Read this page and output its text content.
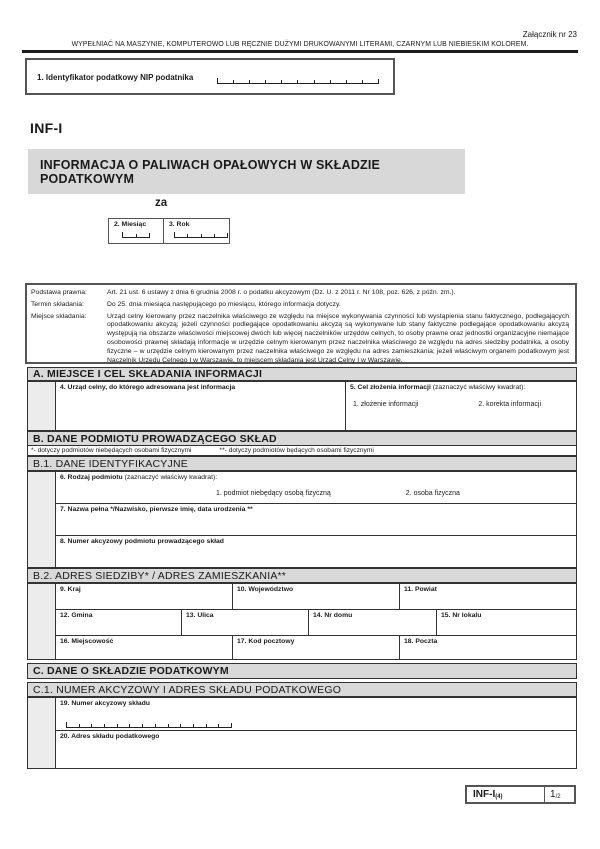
Załącznik nr 23
WYPEŁNIAĆ NA MASZYNIE, KOMPUTEROWO LUB RĘCZNIE DUŻYMI DRUKOWANYMI LITERAMI, CZARNYM LUB NIEBIESKIM KOLOREM.
1. Identyfikator podatkowy NIP podatnika
INF-I
INFORMACJA O PALIWACH OPAŁOWYCH W SKŁADZIE PODATKOWYM
za
2. Miesiąc	3. Rok
Podstawa prawna:	Art. 21 ust. 6 ustawy z dnia 6 grudnia 2008 r. o podatku akcyzowym (Dz. U. z 2011 r. Nr 108, poz. 626, z późn. zm.).
Termin składania:	Do 25. dnia miesiąca następującego po miesiącu, którego informacja dotyczy.
Miejsce składania:	Urząd celny kierowany przez naczelnika właściwego ze względu na miejsce wykonywania czynności lub wystąpienia stanu faktycznego, podlegających opodatkowaniu akcyzą; jeżeli czynności podlegające opodatkowaniu akcyzą są wykonywane lub stany faktyczne podlegające opodatkowaniu akcyzą występują na obszarze właściwości miejscowej dwóch lub więcej naczelników urzędów celnych, to osoby prawne oraz jednostki organizacyjne niemające osobowości prawnej składają informacje w urzędzie celnym kierowanym przez naczelnika właściwego ze względu na adres siedziby podatnika, a osoby fizyczne – w urzędzie celnym kierowanym przez naczelnika właściwego ze względu na adres zamieszkania; jeżeli właściwym organem podatkowym jest Naczelnik Urzędu Celnego I w Warszawie, to miejscem składania jest Urząd Celny I w Warszawie.
A. MIEJSCE I CEL SKŁADANIA INFORMACJI
4. Urząd celny, do którego adresowana jest informacja	5. Cel złożenia informacji (zaznaczyć właściwy kwadrat):
1. złożenie informacji	2. korekta informacji
B. DANE PODMIOTU PROWADZĄCEGO SKŁAD
*- dotyczy podmiotów niebędących osobami fizycznymi	**- dotyczy podmiotów będących osobami fizycznymi
B.1. DANE IDENTYFIKACYJNE
6. Rodzaj podmiotu (zaznaczyć właściwy kwadrat):
1. podmiot niebędący osobą fizyczną	2. osoba fizyczna
7. Nazwa pełna */Nazwisko, pierwsze imię, data urodzenia **
8. Numer akcyzowy podmiotu prowadzącego skład
B.2. ADRES SIEDZIBY* / ADRES ZAMIESZKANIA**
9. Kraj	10. Województwo	11. Powiat
12. Gmina	13. Ulica	14. Nr domu	15. Nr lokalu
16. Miejscowość	17. Kod pocztowy	18. Poczta
C. DANE O SKŁADZIE PODATKOWYM
C.1. NUMER AKCYZOWY I ADRES SKŁADU PODATKOWEGO
19. Numer akcyzowy składu
20. Adres składu podatkowego
INF-I (4)	1 /2
